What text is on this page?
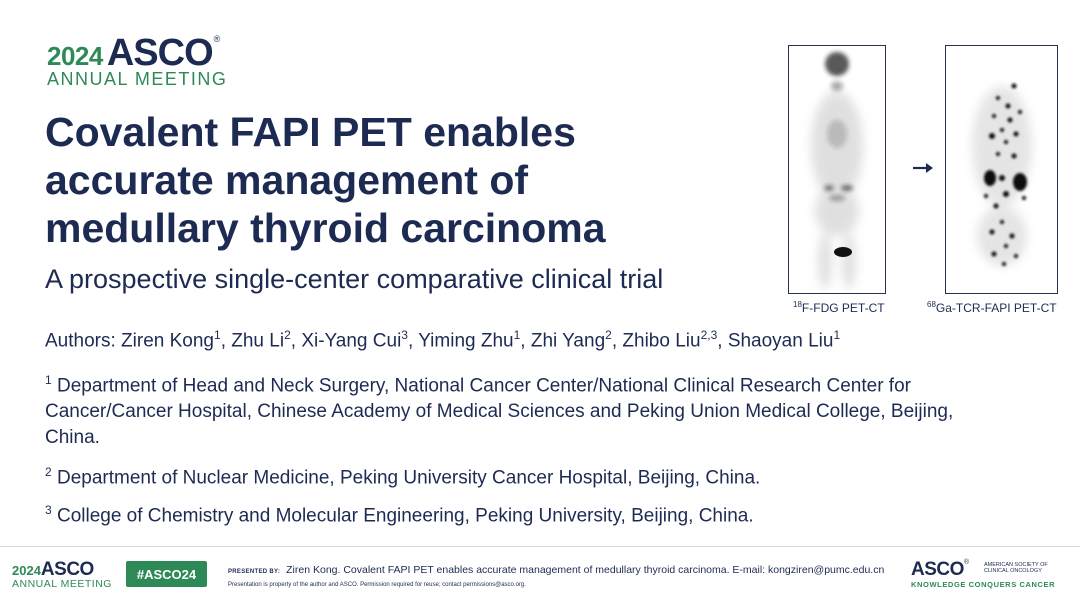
2024 ASCO®
ANNUAL MEETING
Covalent FAPI PET enables
accurate management of
medullary thyroid carcinoma
A prospective single-center comparative clinical trial
$^{18}$F-FDG PET-CT	$^{68}$Ga-TCR-FAPI PET-CT
Authors: Ziren Kong$^1$, Zhu Li$^2$, Xi-Yang Cui$^3$, Yiming Zhu$^1$, Zhi Yang$^2$, Zhibo Liu$^{2,3}$, Shaoyan Liu$^1$
$^1$ Department of Head and Neck Surgery, National Cancer Center/National Clinical Research Center for Cancer/Cancer Hospital, Chinese Academy of Medical Sciences and Peking Union Medical College, Beijing, China.
$^2$ Department of Nuclear Medicine, Peking University Cancer Hospital, Beijing, China.
$^3$ College of Chemistry and Molecular Engineering, Peking University, Beijing, China.
2024ASCO
ANNUAL MEETING
#ASCO24	PRESENTED BY: Ziren Kong. Covalent FAPI PET enables accurate management of medullary thyroid carcinoma. E-mail: kongziren@pumc.edu.cn
Presentation is property of the author and ASCO. Permission required for reuse; contact permissions@asco.org.
ASCO®	AMERICAN SOCIETY OF
CLINICAL ONCOLOGY
KNOWLEDGE CONQUERS CANCER
